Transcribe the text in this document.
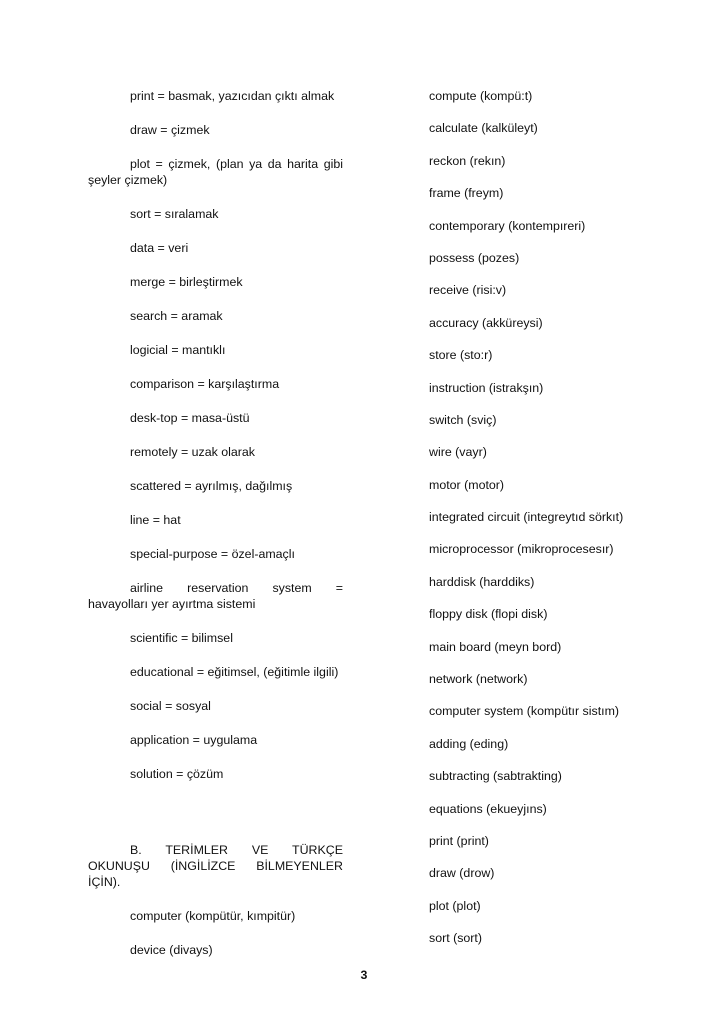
print = basmak, yazıcıdan çıktı almak

draw = çizmek

plot = çizmek, (plan ya da harita gibi şeyler çizmek)

sort = sıralamak

data = veri

merge = birleştirmek

search = aramak

logicial = mantıklı

comparison = karşılaştırma

desk-top = masa-üstü

remotely = uzak olarak

scattered = ayrılmış, dağılmış

line = hat

special-purpose = özel-amaçlı

airline reservation system = havayolları yer ayırtma sistemi

scientific = bilimsel

educational = eğitimsel, (eğitimle ilgili)

social = sosyal

application = uygulama

solution = çözüm

B. TERİMLER VE TÜRKÇE OKUNUŞU (İNGİLİZCE BİLMEYENLER İÇİN).

computer (kompütür, kımpitür)

device (divays)

compute (kompü:t)

calculate (kalküleyt)

reckon (rekın)

frame (freym)

contemporary (kontempıreri)

possess (pozes)

receive (risi:v)

accuracy (akküreysi)

store (sto:r)

instruction (istrakşın)

switch (sviç)

wire (vayr)

motor (motor)

integrated circuit (integreytıd sörkıt)

microprocessor (mikroprocesesır)

harddisk (harddiks)

floppy disk (flopi disk)

main board (meyn bord)

network (network)

computer system (kompütır sistım)

adding (eding)

subtracting (sabtrakting)

equations (ekueyjıns)

print (print)

draw (drow)

plot (plot)

sort (sort)

3
